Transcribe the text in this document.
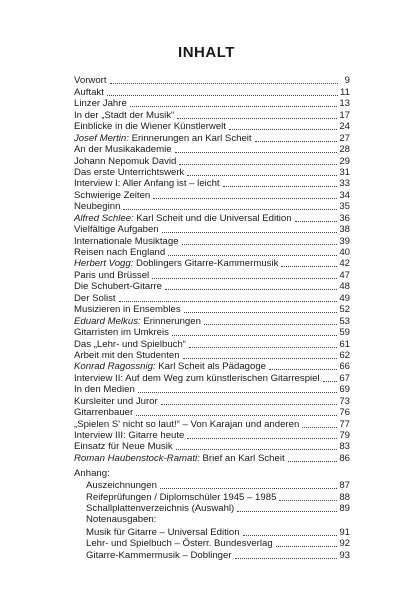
INHALT
Vorwort	9
Auftakt	11
Linzer Jahre	13
In der „Stadt der Musik“	17
Einblicke in die Wiener Künstlerwelt	24
Josef Mertin: Erinnerungen an Karl Scheit	27
An der Musikakademie	28
Johann Nepomuk David	29
Das erste Unterrichtswerk	31
Interview I: Aller Anfang ist – leicht	33
Schwierige Zeiten	34
Neubeginn	35
Alfred Schlee: Karl Scheit und die Universal Edition	36
Vielfältige Aufgaben	38
Internationale Musiktage	39
Reisen nach England	40
Herbert Vogg: Doblingers Gitarre-Kammermusik	42
Paris und Brüssel	47
Die Schubert-Gitarre	48
Der Solist	49
Musizieren in Ensembles	52
Eduard Melkus: Erinnerungen	53
Gitarristen im Umkreis	59
Das „Lehr- und Spielbuch“	61
Arbeit mit den Studenten	62
Konrad Ragossnig: Karl Scheit als Pädagoge	66
Interview II: Auf dem Weg zum künstlerischen Gitarrespiel 67
In den Medien	69
Kursleiter und Juror	73
Gitarrenbauer	76
„Spielen S' nicht so laut!“ – Von Karajan und anderen	77
Interview III: Gitarre heute	79
Einsatz für Neue Musik	83
Roman Haubenstock-Ramati: Brief an Karl Scheit	86
Anhang:
Auszeichnungen	87
Reifeprüfungen / Diplomschüler 1945 – 1985	88
Schallplattenverzeichnis (Auswahl)	89
Notenausgaben:
Musik für Gitarre – Universal Edition	91
Lehr- und Spielbuch – Österr. Bundesverlag	92
Gitarre-Kammermusik – Doblinger	93
